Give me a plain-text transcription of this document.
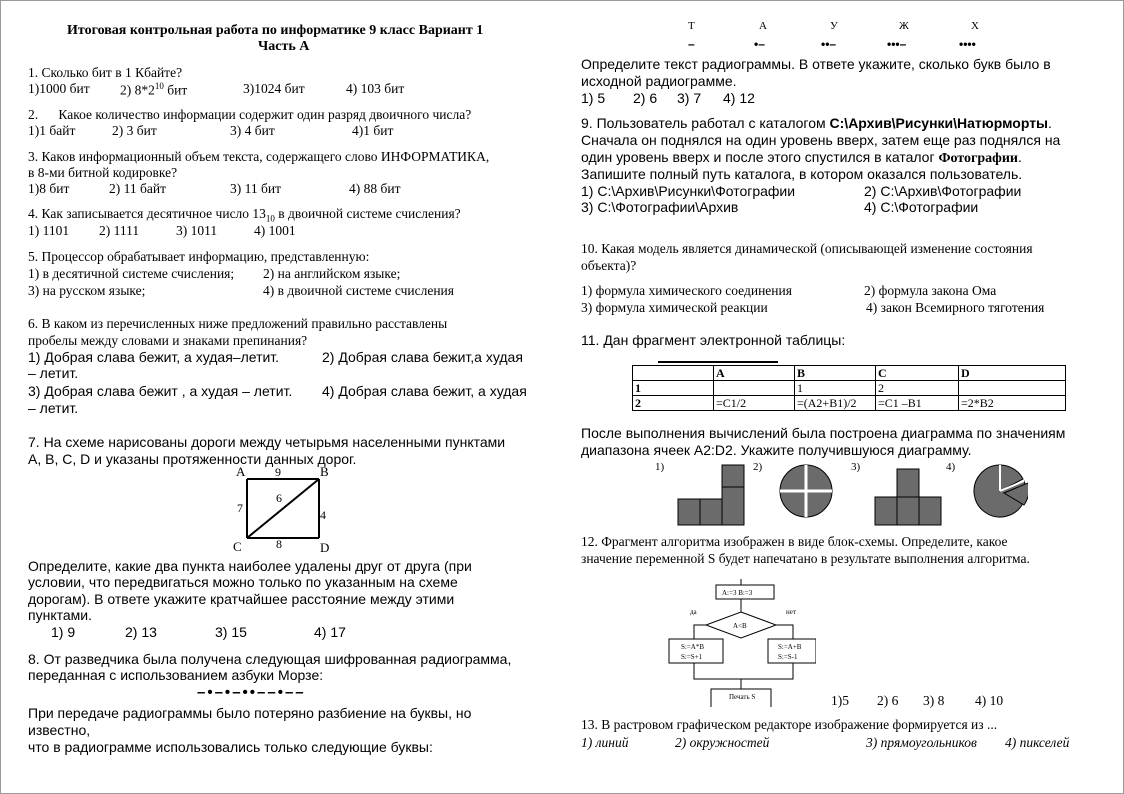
Итоговая контрольная работа по информатике 9 класс Вариант 1
Часть А
1. Сколько бит в 1 Кбайте?
1)1000 бит 2) $8*2^{10}$ бит	3)1024 бит	4) 103 бит
2.      Какое количество информации содержит один разряд двоичного числа?
1)1 байт	2) 3 бит	3) 4 бит	4)1 бит
3. Каков информационный объем текста, содержащего слово ИНФОРМАТИКА,
в 8-ми битной кодировке?
1)8 бит	2) 11 байт	3) 11 бит	4) 88 бит
4. Как записывается десятичное число $13_{10}$ в двоичной системе счисления?
1) 1101 2) 1111	3) 1011	4) 1001
5. Процессор обрабатывает информацию, представленную:
1) в десятичной системе счисления; 2) на английском языке;
3) на русском языке;	4) в двоичной системе счисления
6. В каком из перечисленных ниже предложений правильно расставлены
пробелы между словами и знаками препинания?
1) Добрая слава бежит, а худая–летит.	2) Добрая слава бежит,а худая
– летит.
3) Добрая слава бежит , а худая – летит. 4) Добрая слава бежит, а худая
– летит.
7. На схеме нарисованы дороги между четырьмя населенными пунктами
A, B, C, D и указаны протяженности данных дорог.
A	B
C	D
9
7
6
4
8
Определите, какие два пункта наиболее удалены друг от друга (при
условии, что передвигаться можно только по указанным на схеме
дорогам). В ответе укажите кратчайшее расстояние между этими
пунктами.
1) 9	2) 13	3) 15	4) 17
8. От разведчика была получена следующая шифрованная радиограмма,
переданная с использованием азбуки Морзе:
–•–•–••––•––
При передаче радиограммы было потеряно разбиение на буквы, но
известно,
что в радиограмме использовались только следующие буквы:
Т	А	У	Ж	Х
–	•–	••–	•••–	••••
Определите текст радиограммы. В ответе укажите, сколько букв было в
исходной радиограмме.
1) 5 2) 6 3) 7 4) 12
9. Пользователь работал с каталогом С:\Архив\Рисунки\Натюрморты.
Сначала он поднялся на один уровень вверх, затем еще раз поднялся на
один уровень вверх и после этого спустился в каталог Фотографии.
Запишите полный путь каталога, в котором оказался пользователь.
1) С:\Архив\Рисунки\Фотографии	2) С:\Архив\Фотографии
3) С:\Фотографии\Архив	4) С:\Фотографии
10. Какая модель является динамической (описывающей изменение состояния
объекта)?
1) формула химического соединения	2) формула закона Ома
3) формула химической реакции	4) закон Всемирного тяготения
11. Дан фрагмент электронной таблицы:
	A	B	C	D
1		1	2	
2	=C1/2	=(A2+B1)/2	=C1 –B1	=2*B2
После выполнения вычислений была построена диаграмма по значениям
диапазона ячеек A2:D2. Укажите получившуюся диаграмму.
1)	2)	3)	4)
12. Фрагмент алгоритма изображен в виде блок-схемы. Определите, какое
значение переменной S будет напечатано в результате выполнения алгоритма.
A:=3 B:=3
A<B
да	нет
S:=A*B
S:=S+1
S:=A+B
S:=S-1
Печать S	1)5 2) 6 3) 8 4) 10
13. В растровом графическом редакторе изображение формируется из ...
1) линий	2) окружностей	3) прямоугольников 4) пикселей
